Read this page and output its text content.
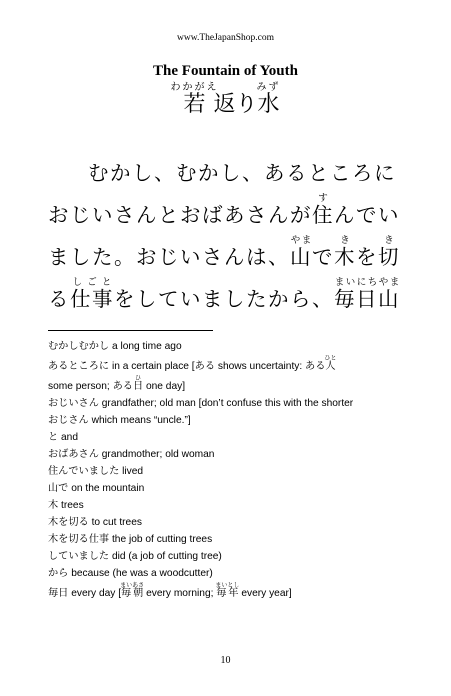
www.TheJapanShop.com
The Fountain of Youth
若わかがえ返り水みず

むかし、むかし、あるところにおじいさんとおばあさんが住すんでいました。おじいさんは、山やまで木きを切きる仕事しごとをしていましたから、毎日山まいにちやま

むかしむかし a long time ago
あるところに in a certain place [ある shows uncertainty: ある人ひと
some person; ある日ひ one day]
おじいさん grandfather; old man [don’t confuse this with the shorter
おじさん which means “uncle.”]
と and
おばあさん grandmother; old woman
住んでいました lived
山で on the mountain
木 trees
木を切る to cut trees
木を切る仕事 the job of cutting trees
していました did (a job of cutting tree)
から because (he was a woodcutter)
毎日 every day [毎朝まいあさ every morning; 毎年まいとし every year]
10
